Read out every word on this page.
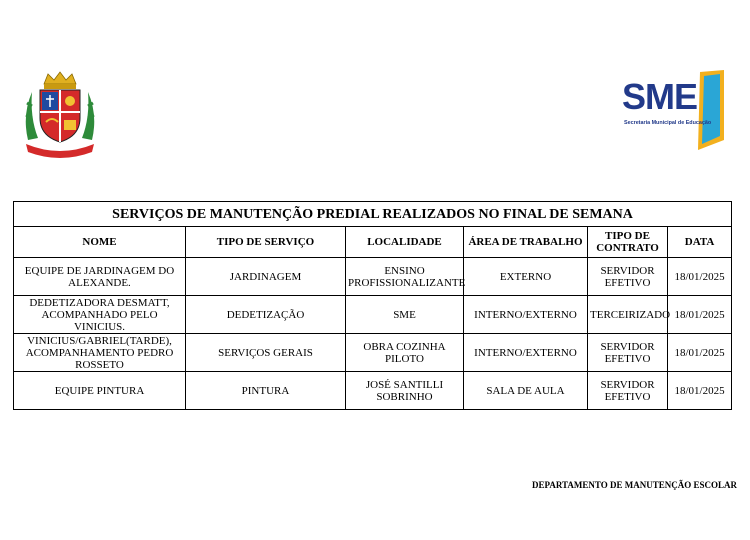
SME
Secretaria Municipal de Educação
SERVIÇOS DE MANUTENÇÃO PREDIAL REALIZADOS NO FINAL DE SEMANA					
NOME	TIPO DE SERVIÇO	LOCALIDADE	ÁREA DE TRABALHO	TIPO DE CONTRATO	DATA
EQUIPE DE JARDINAGEM DO ALEXANDE.	JARDINAGEM	ENSINO PROFISSIONALIZANTE	EXTERNO	SERVIDOR EFETIVO	18/01/2025
DEDETIZADORA DESMATT, ACOMPANHADO PELO VINICIUS.	DEDETIZAÇÃO	SME	INTERNO/EXTERNO	TERCEIRIZADO	18/01/2025
VINICIUS/GABRIEL(TARDE), ACOMPANHAMENTO PEDRO ROSSETO	SERVIÇOS GERAIS	OBRA COZINHA PILOTO	INTERNO/EXTERNO	SERVIDOR EFETIVO	18/01/2025
EQUIPE PINTURA	PINTURA	JOSÉ SANTILLI SOBRINHO	SALA DE AULA	SERVIDOR EFETIVO	18/01/2025
DEPARTAMENTO DE MANUTENÇÃO ESCOLAR
